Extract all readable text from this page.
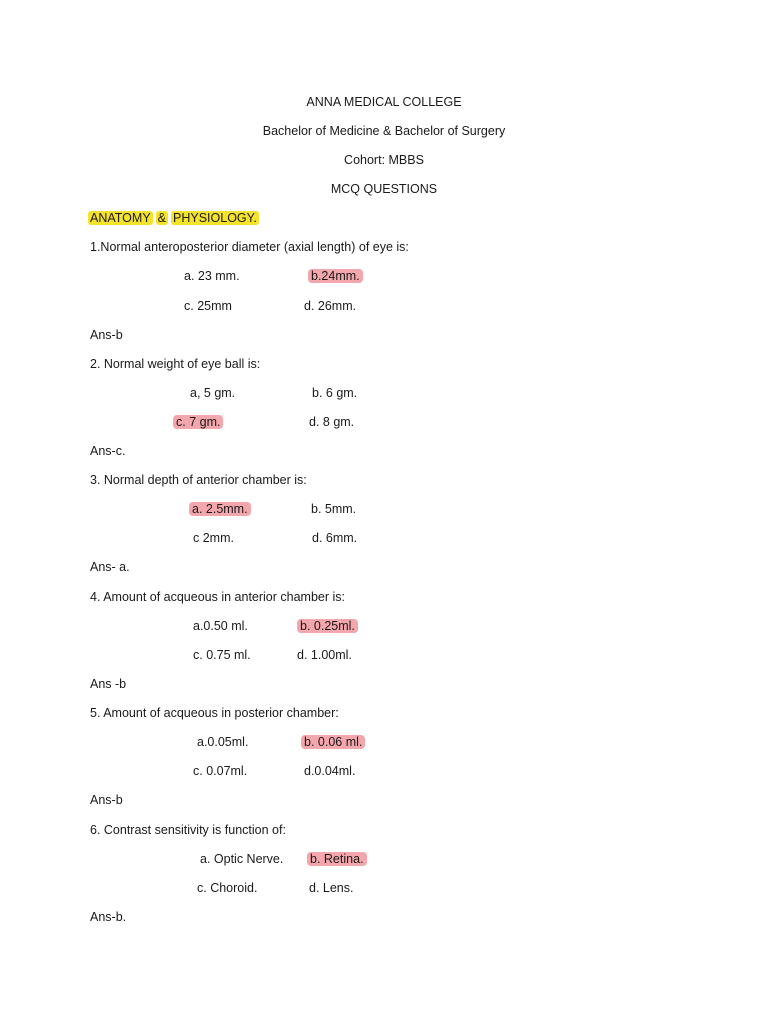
ANNA MEDICAL COLLEGE
Bachelor of Medicine & Bachelor of Surgery
Cohort: MBBS
MCQ QUESTIONS
ANATOMY & PHYSIOLOGY.
1.Normal anteroposterior diameter (axial length) of eye is:
a. 23 mm.	b.24mm.
c. 25mm	d. 26mm.
Ans-b
2. Normal weight of eye ball is:
a, 5 gm.	b. 6 gm.
c. 7 gm.	d. 8 gm.
Ans-c.
3. Normal depth of anterior chamber is:
a. 2.5mm.	b. 5mm.
c 2mm.	d. 6mm.
Ans- a.
4. Amount of acqueous in anterior chamber is:
a.0.50 ml.	b. 0.25ml.
c. 0.75 ml.	d. 1.00ml.
Ans -b
5. Amount of acqueous in posterior chamber:
a.0.05ml.	b. 0.06 ml.
c. 0.07ml.	d.0.04ml.
Ans-b
6. Contrast sensitivity is function of:
a. Optic Nerve. b. Retina.
c. Choroid.	d. Lens.
Ans-b.
